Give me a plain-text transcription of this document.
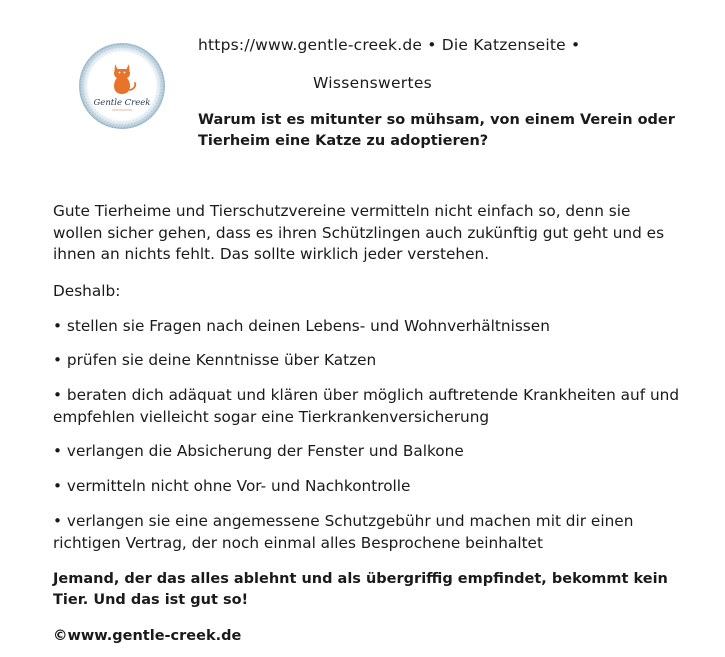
Gentle Creek
https://www.gentle-creek.de • Die Katzenseite •
Wissenswertes
Warum ist es mitunter so mühsam, von einem Verein oder Tierheim eine Katze zu adoptieren?

Gute Tierheime und Tierschutzvereine vermitteln nicht einfach so, denn sie wollen sicher gehen, dass es ihren Schützlingen auch zukünftig gut geht und es ihnen an nichts fehlt. Das sollte wirklich jeder verstehen.

Deshalb:

• stellen sie Fragen nach deinen Lebens- und Wohnverhältnissen

• prüfen sie deine Kenntnisse über Katzen

• beraten dich adäquat und klären über möglich auftretende Krankheiten auf und empfehlen vielleicht sogar eine Tierkrankenversicherung

• verlangen die Absicherung der Fenster und Balkone

• vermitteln nicht ohne Vor- und Nachkontrolle

• verlangen sie eine angemessene Schutzgebühr und machen mit dir einen richtigen Vertrag, der noch einmal alles Besprochene beinhaltet

Jemand, der das alles ablehnt und als übergriffig empfindet, bekommt kein Tier. Und das ist gut so!

©www.gentle-creek.de
